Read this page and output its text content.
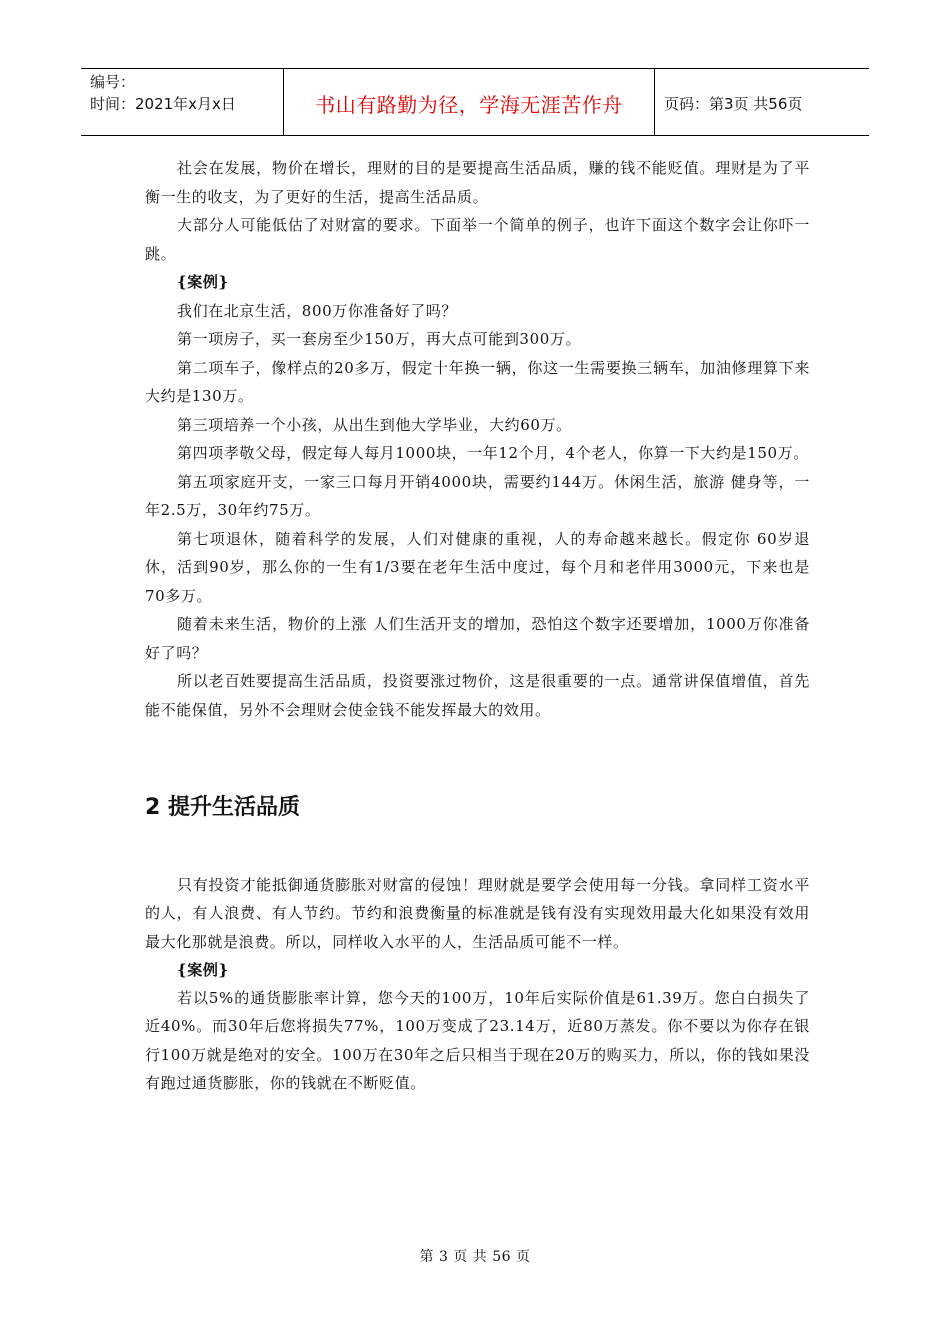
编号：
时间：2021年x月x日	书山有路勤为径，学海无涯苦作舟	页码：第3页 共56页

社会在发展，物价在增长，理财的目的是要提高生活品质，赚的钱不能贬值。理财是为了平衡一生的收支，为了更好的生活，提高生活品质。

大部分人可能低估了对财富的要求。下面举一个简单的例子，也许下面这个数字会让你吓一跳。

{案例}

我们在北京生活，800万你准备好了吗？

第一项房子，买一套房至少150万，再大点可能到300万。

第二项车子，像样点的20多万，假定十年换一辆，你这一生需要换三辆车，加油修理算下来大约是130万。

第三项培养一个小孩，从出生到他大学毕业，大约60万。

第四项孝敬父母，假定每人每月1000块，一年12个月，4个老人，你算一下大约是150万。

第五项家庭开支，一家三口每月开销4000块，需要约144万。休闲生活，旅游 健身等，一年2.5万，30年约75万。

第七项退休，随着科学的发展，人们对健康的重视，人的寿命越来越长。假定你 60岁退休，活到90岁，那么你的一生有1/3要在老年生活中度过，每个月和老伴用3000元，下来也是70多万。

随着未来生活，物价的上涨 人们生活开支的增加，恐怕这个数字还要增加，1000万你准备好了吗？

所以老百姓要提高生活品质，投资要涨过物价，这是很重要的一点。通常讲保值增值，首先能不能保值，另外不会理财会使金钱不能发挥最大的效用。

2 提升生活品质

只有投资才能抵御通货膨胀对财富的侵蚀！理财就是要学会使用每一分钱。拿同样工资水平的人，有人浪费、有人节约。节约和浪费衡量的标准就是钱有没有实现效用最大化如果没有效用最大化那就是浪费。所以，同样收入水平的人，生活品质可能不一样。

{案例}

若以5%的通货膨胀率计算，您今天的100万，10年后实际价值是61.39万。您白白损失了近40%。而30年后您将损失77%，100万变成了23.14万，近80万蒸发。你不要以为你存在银行100万就是绝对的安全。100万在30年之后只相当于现在20万的购买力，所以，你的钱如果没有跑过通货膨胀，你的钱就在不断贬值。

第 3 页 共 56 页
